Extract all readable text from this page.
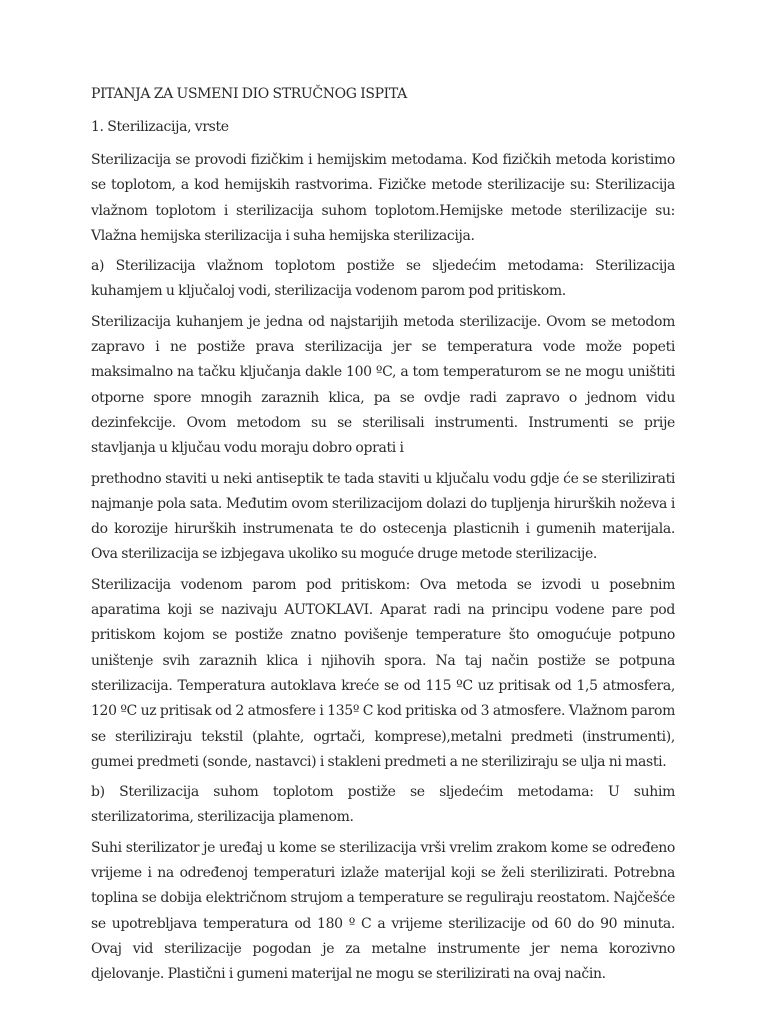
PITANJA ZA USMENI DIO STRUČNOG ISPITA
1. Sterilizacija, vrste

Sterilizacija se provodi fizičkim i hemijskim metodama. Kod fizičkih metoda koristimo se toplotom, a kod hemijskih rastvorima. Fizičke metode sterilizacije su: Sterilizacija vlažnom toplotom i sterilizacija suhom toplotom.Hemijske metode sterilizacije su: Vlažna hemijska sterilizacija i suha hemijska sterilizacija.

a) Sterilizacija vlažnom toplotom postiže se sljedećim metodama: Sterilizacija kuhamjem u ključaloj vodi, sterilizacija vodenom parom pod pritiskom.

Sterilizacija kuhanjem je jedna od najstarijih metoda sterilizacije. Ovom se metodom zapravo i ne postiže prava sterilizacija jer se temperatura vode može popeti maksimalno na tačku ključanja dakle 100 ºC, a tom temperaturom se ne mogu uništiti otporne spore mnogih zaraznih klica, pa se ovdje radi zapravo o jednom vidu dezinfekcije. Ovom metodom su se sterilisali instrumenti. Instrumenti se prije stavljanja u ključau vodu moraju dobro oprati i

prethodno staviti u neki antiseptik te tada staviti u ključalu vodu gdje će se sterilizirati najmanje pola sata. Međutim ovom sterilizacijom dolazi do tupljenja hirurških noževa i do korozije hirurških instrumenata te do ostecenja plasticnih i gumenih materijala. Ova sterilizacija se izbjegava ukoliko su moguće druge metode sterilizacije.

Sterilizacija vodenom parom pod pritiskom: Ova metoda se izvodi u posebnim aparatima koji se nazivaju AUTOKLAVI. Aparat radi na principu vodene pare pod pritiskom kojom se postiže znatno povišenje temperature što omogućuje potpuno uništenje svih zaraznih klica i njihovih spora. Na taj način postiže se potpuna sterilizacija. Temperatura autoklava kreće se od 115 ºC uz pritisak od 1,5 atmosfera, 120 ºC uz pritisak od 2 atmosfere i 135º C kod pritiska od 3 atmosfere. Vlažnom parom se steriliziraju tekstil (plahte, ogrtači, komprese),metalni predmeti (instrumenti), gumei predmeti (sonde, nastavci) i stakleni predmeti a ne steriliziraju se ulja ni masti.

b) Sterilizacija suhom toplotom postiže se sljedećim metodama: U suhim sterilizatorima, sterilizacija plamenom.

Suhi sterilizator je uređaj u kome se sterilizacija vrši vrelim zrakom kome se određeno vrijeme i na određenoj temperaturi izlaže materijal koji se želi sterilizirati. Potrebna toplina se dobija električnom strujom a temperature se reguliraju reostatom. Najčešće se upotrebljava temperatura od 180 º C a vrijeme sterilizacije od 60 do 90 minuta. Ovaj vid sterilizacije pogodan je za metalne instrumente jer nema korozivno djelovanje. Plastični i gumeni materijal ne mogu se sterilizirati na ovaj način.
